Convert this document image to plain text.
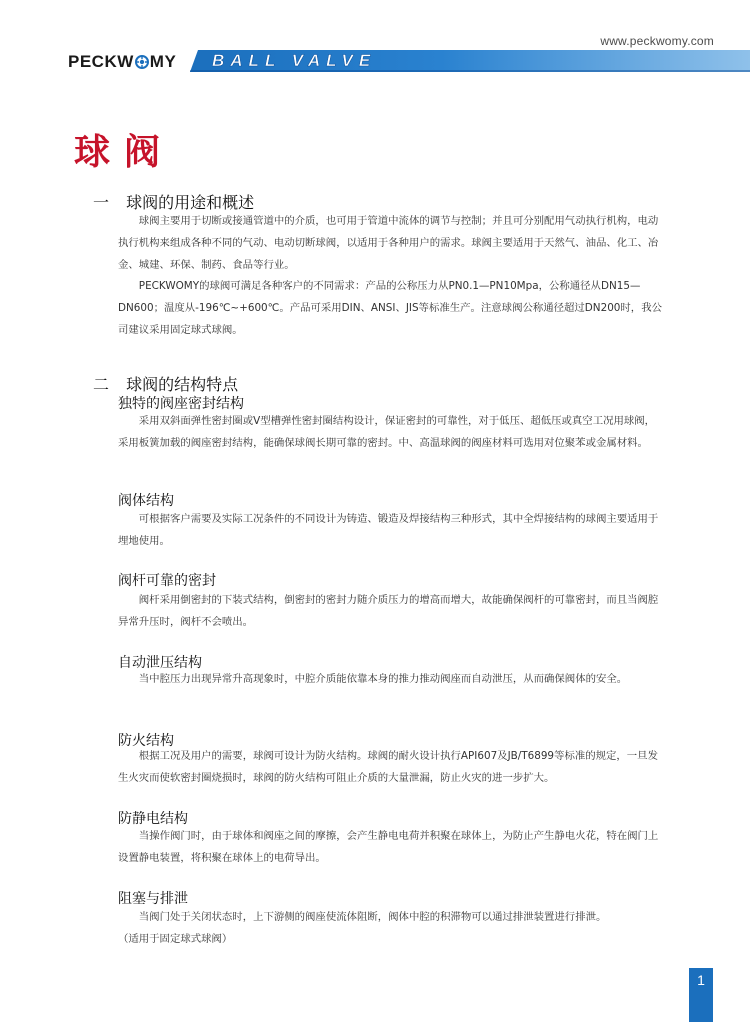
www.peckwomy.com
PECKW MY BALL VALVE
球阀
一 球阀的用途和概述

球阀主要用于切断或接通管道中的介质，也可用于管道中流体的调节与控制；并且可分别配用气动执行机构，电动执行机构来组成各种不同的气动、电动切断球阀，以适用于各种用户的需求。球阀主要适用于天然气、油品、化工、冶金、城建、环保、制药、食品等行业。

PECKWOMY的球阀可满足各种客户的不同需求：产品的公称压力从PN0.1—PN10Mpa，公称通径从DN15—DN600；温度从-196℃~+600℃。产品可采用DIN、ANSI、JIS等标准生产。注意球阀公称通径超过DN200时，我公司建议采用固定球式球阀。

二 球阀的结构特点
独特的阀座密封结构

采用双斜面弹性密封圈或V型槽弹性密封圈结构设计，保证密封的可靠性，对于低压、超低压或真空工况用球阀，采用板簧加载的阀座密封结构，能确保球阀长期可靠的密封。中、高温球阀的阀座材料可选用对位聚苯或金属材料。

阀体结构

可根据客户需要及实际工况条件的不同设计为铸造、锻造及焊接结构三种形式，其中全焊接结构的球阀主要适用于埋地使用。

阀杆可靠的密封

阀杆采用倒密封的下装式结构，倒密封的密封力随介质压力的增高而增大，故能确保阀杆的可靠密封，而且当阀腔异常升压时，阀杆不会喷出。

自动泄压结构

当中腔压力出现异常升高现象时，中腔介质能依靠本身的推力推动阀座而自动泄压，从而确保阀体的安全。

防火结构

根据工况及用户的需要，球阀可设计为防火结构。球阀的耐火设计执行API607及JB/T6899等标准的规定，一旦发生火灾而使软密封圈烧损时，球阀的防火结构可阻止介质的大量泄漏，防止火灾的进一步扩大。

防静电结构

当操作阀门时，由于球体和阀座之间的摩擦，会产生静电电荷并积聚在球体上，为防止产生静电火花，特在阀门上设置静电装置，将积聚在球体上的电荷导出。

阻塞与排泄

当阀门处于关闭状态时，上下游侧的阀座使流体阻断，阀体中腔的积滞物可以通过排泄装置进行排泄。

（适用于固定球式球阀）

1
